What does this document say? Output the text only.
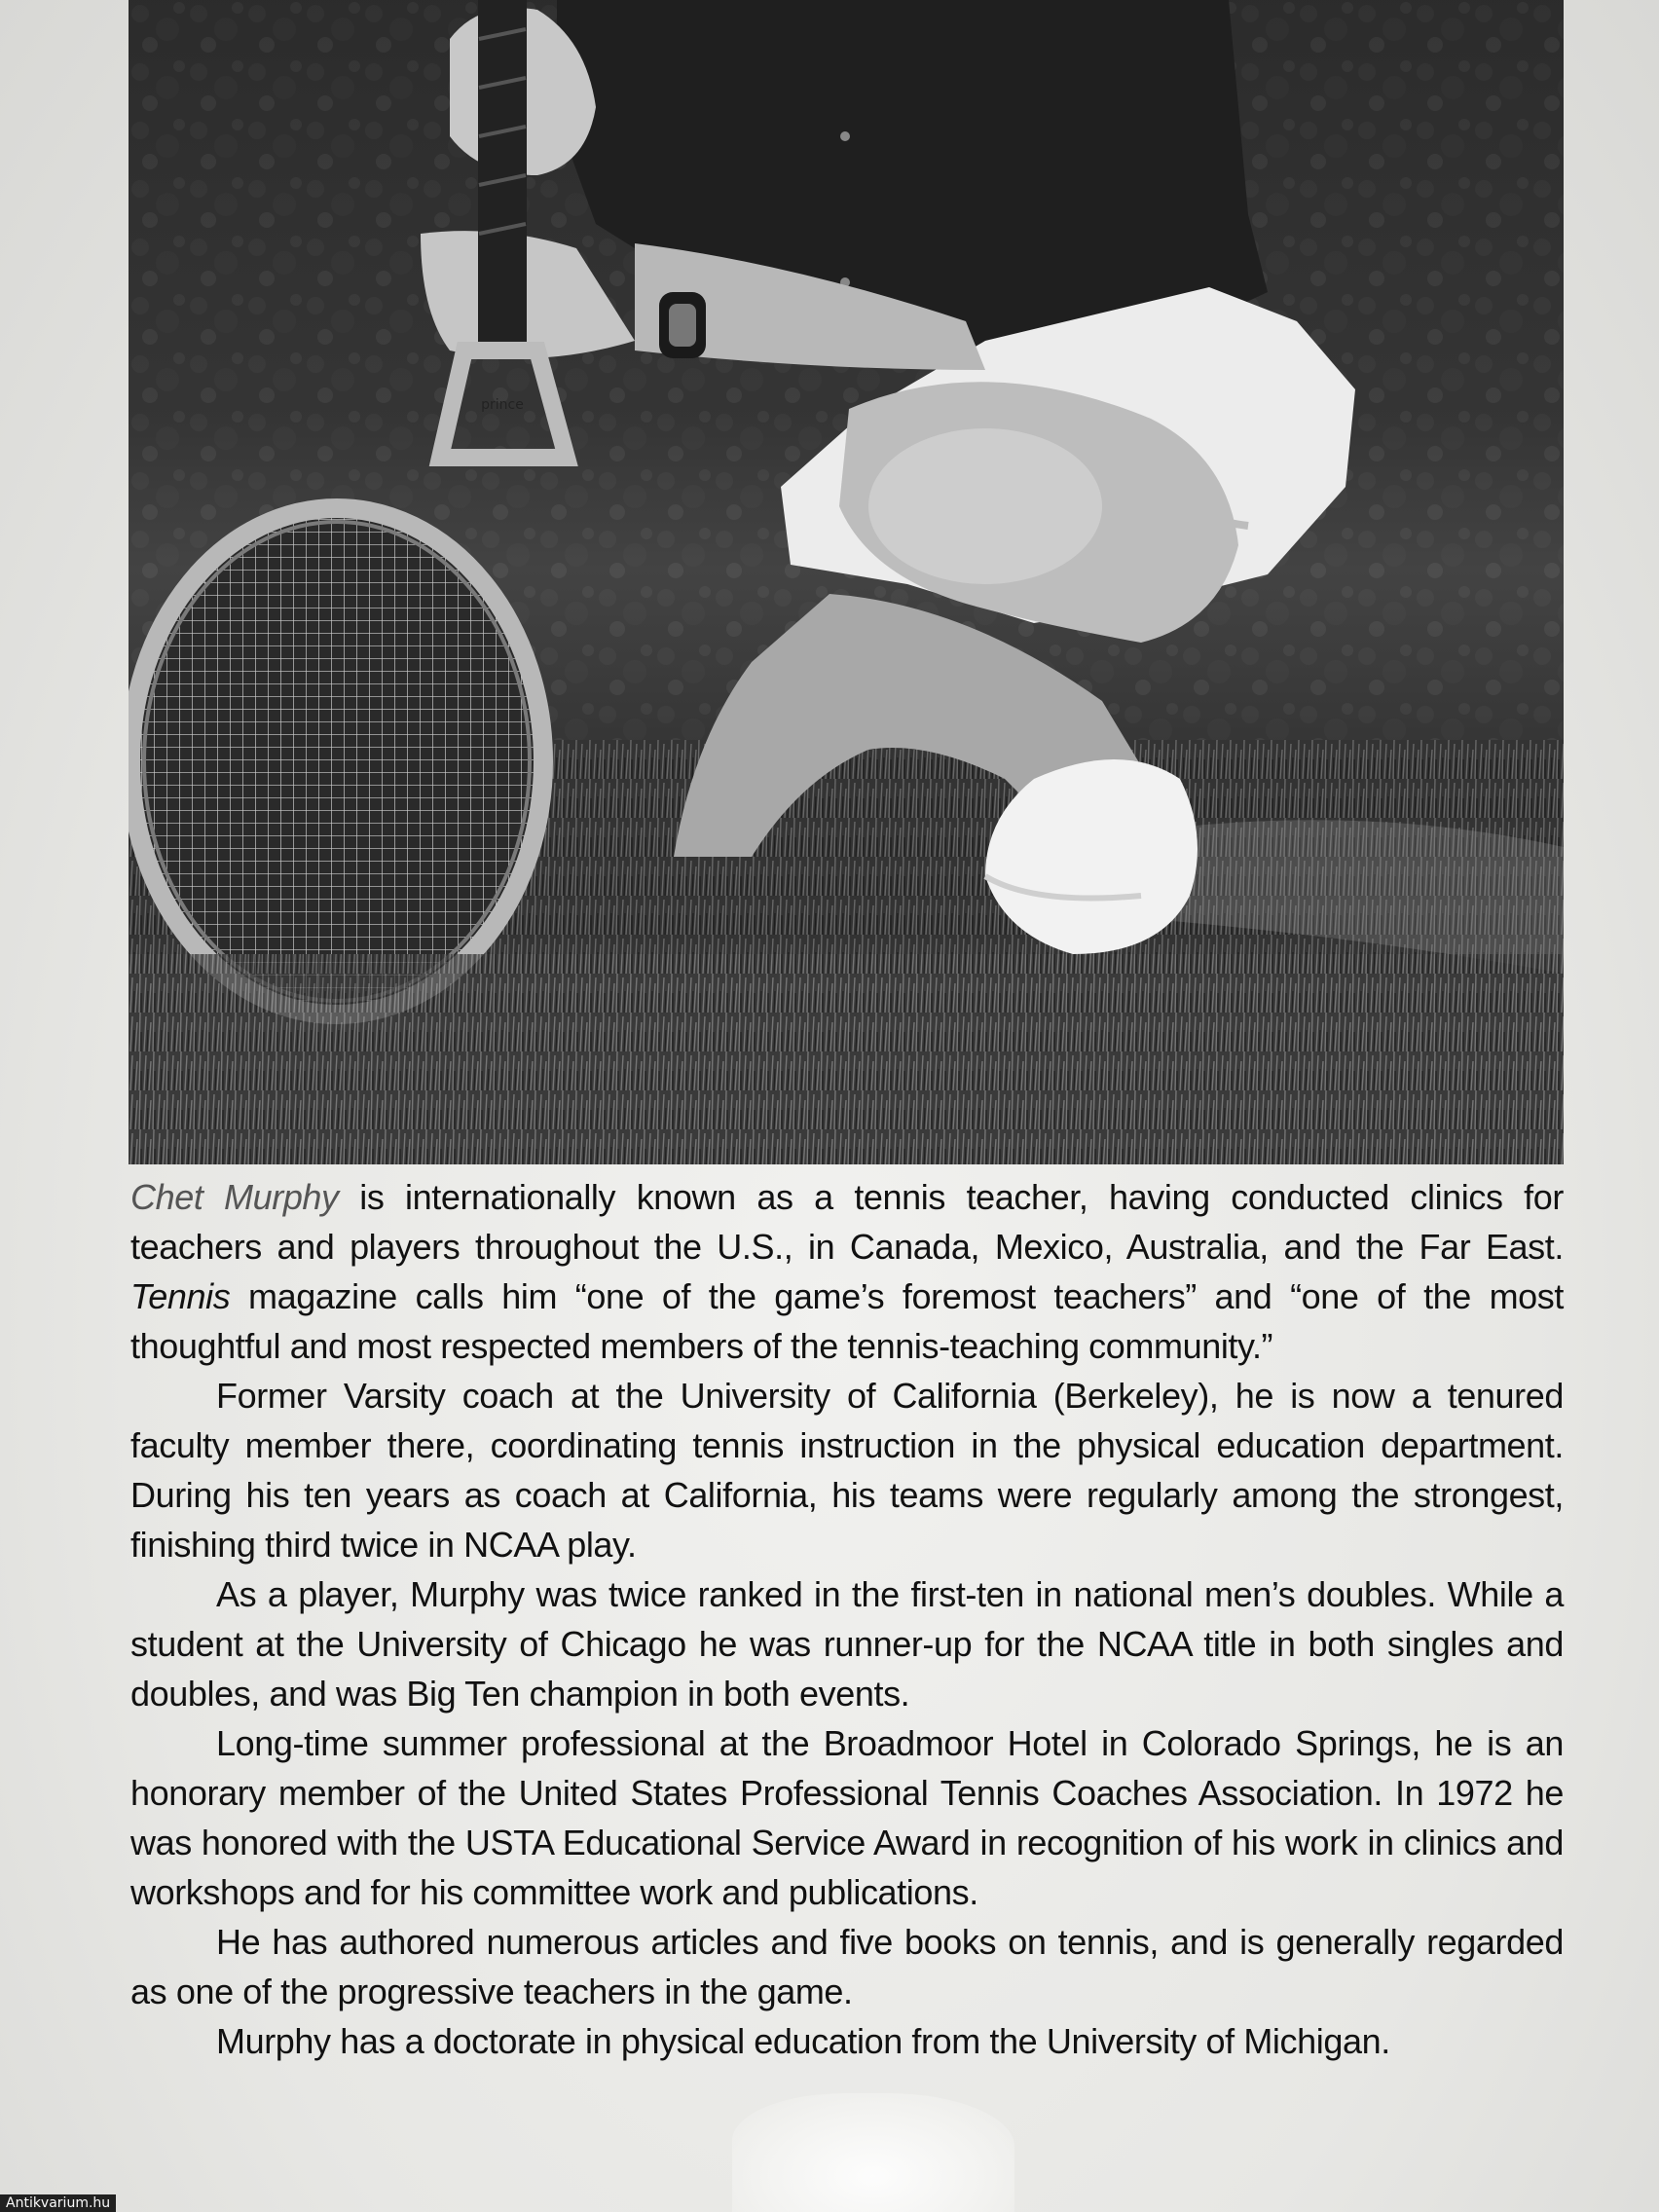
prince

Chet Murphy is internationally known as a tennis teacher, having conducted clinics for teachers and players throughout the U.S., in Canada, Mexico, Australia, and the Far East. Tennis magazine calls him “one of the game’s foremost teachers” and “one of the most thoughtful and most respected members of the tennis-teaching community.”

Former Varsity coach at the University of California (Berkeley), he is now a tenured faculty member there, coordinating tennis instruction in the physical education department. During his ten years as coach at California, his teams were regularly among the strongest, finishing third twice in NCAA play.

As a player, Murphy was twice ranked in the first-ten in national men’s doubles. While a student at the University of Chicago he was runner-up for the NCAA title in both singles and doubles, and was Big Ten champion in both events.

Long-time summer professional at the Broadmoor Hotel in Colorado Springs, he is an honorary member of the United States Professional Tennis Coaches Association. In 1972 he was honored with the USTA Educational Service Award in recognition of his work in clinics and workshops and for his committee work and publications.

He has authored numerous articles and five books on tennis, and is generally regarded as one of the progressive teachers in the game.

Murphy has a doctorate in physical education from the University of Michigan.

Antikvarium.hu
